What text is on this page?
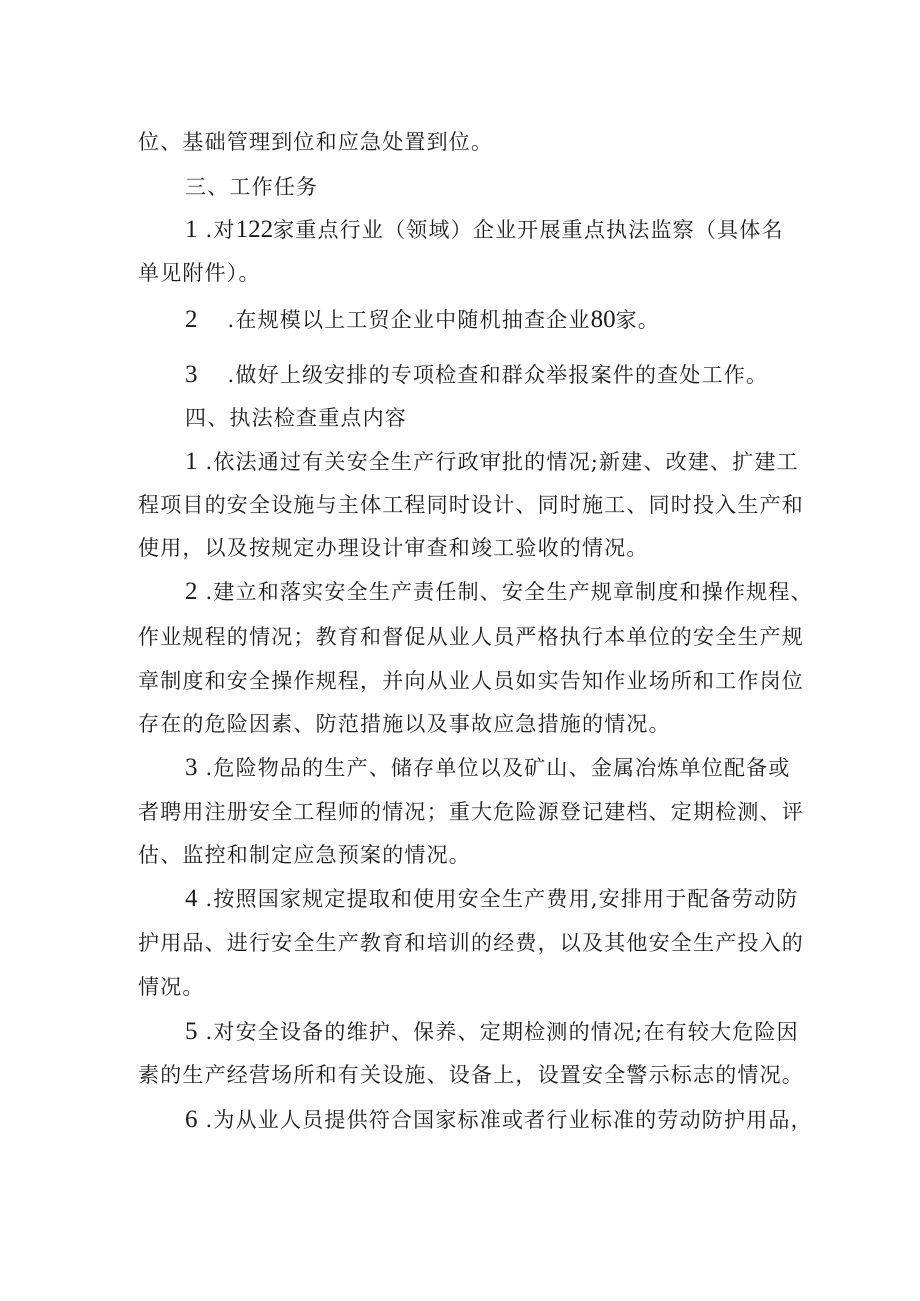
位、基础管理到位和应急处置到位。
三、工作任务
1 .对122家重点行业（领域）企业开展重点执法监察（具体名
单见附件）。
2 .在规模以上工贸企业中随机抽查企业80家。
3 .做好上级安排的专项检查和群众举报案件的查处工作。
四、执法检查重点内容
1 .依法通过有关安全生产行政审批的情况;新建、改建、扩建工
程项目的安全设施与主体工程同时设计、同时施工、同时投入生产和
使用，以及按规定办理设计审查和竣工验收的情况。
2 .建立和落实安全生产责任制、安全生产规章制度和操作规程、
作业规程的情况；教育和督促从业人员严格执行本单位的安全生产规
章制度和安全操作规程，并向从业人员如实告知作业场所和工作岗位
存在的危险因素、防范措施以及事故应急措施的情况。
3 .危险物品的生产、储存单位以及矿山、金属冶炼单位配备或
者聘用注册安全工程师的情况；重大危险源登记建档、定期检测、评
估、监控和制定应急预案的情况。
4 .按照国家规定提取和使用安全生产费用,安排用于配备劳动防
护用品、进行安全生产教育和培训的经费，以及其他安全生产投入的
情况。
5 .对安全设备的维护、保养、定期检测的情况;在有较大危险因
素的生产经营场所和有关设施、设备上，设置安全警示标志的情况。
6 .为从业人员提供符合国家标准或者行业标准的劳动防护用品，
